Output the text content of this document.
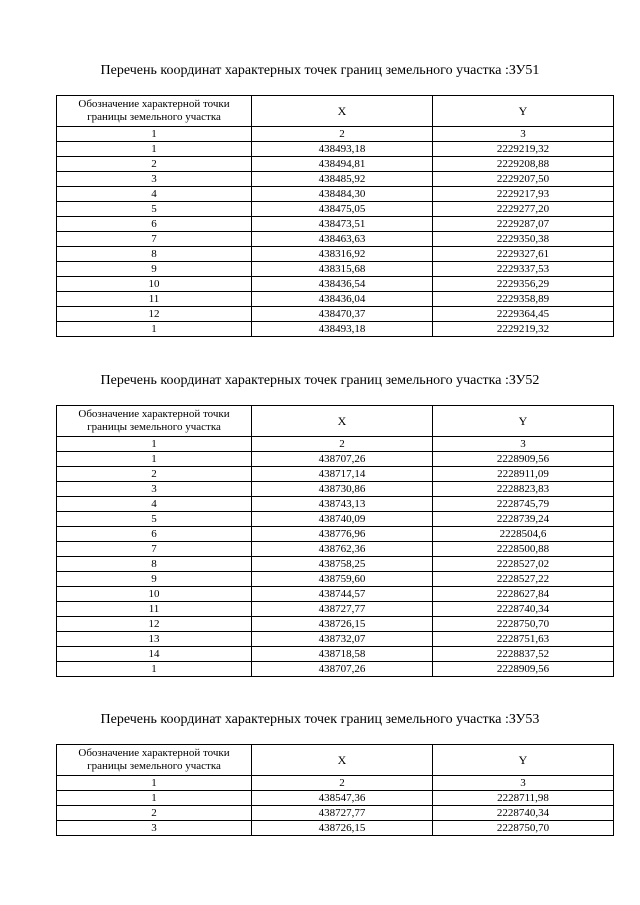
Перечень координат характерных точек границ земельного участка :ЗУ51
Обозначение характерной точки границы земельного участка	X	Y
1	2	3
1	438493,18	2229219,32
2	438494,81	2229208,88
3	438485,92	2229207,50
4	438484,30	2229217,93
5	438475,05	2229277,20
6	438473,51	2229287,07
7	438463,63	2229350,38
8	438316,92	2229327,61
9	438315,68	2229337,53
10	438436,54	2229356,29
11	438436,04	2229358,89
12	438470,37	2229364,45
1	438493,18	2229219,32
Перечень координат характерных точек границ земельного участка :ЗУ52
Обозначение характерной точки границы земельного участка	X	Y
1	2	3
1	438707,26	2228909,56
2	438717,14	2228911,09
3	438730,86	2228823,83
4	438743,13	2228745,79
5	438740,09	2228739,24
6	438776,96	2228504,6
7	438762,36	2228500,88
8	438758,25	2228527,02
9	438759,60	2228527,22
10	438744,57	2228627,84
11	438727,77	2228740,34
12	438726,15	2228750,70
13	438732,07	2228751,63
14	438718,58	2228837,52
1	438707,26	2228909,56
Перечень координат характерных точек границ земельного участка :ЗУ53
Обозначение характерной точки границы земельного участка	X	Y
1	2	3
1	438547,36	2228711,98
2	438727,77	2228740,34
3	438726,15	2228750,70
